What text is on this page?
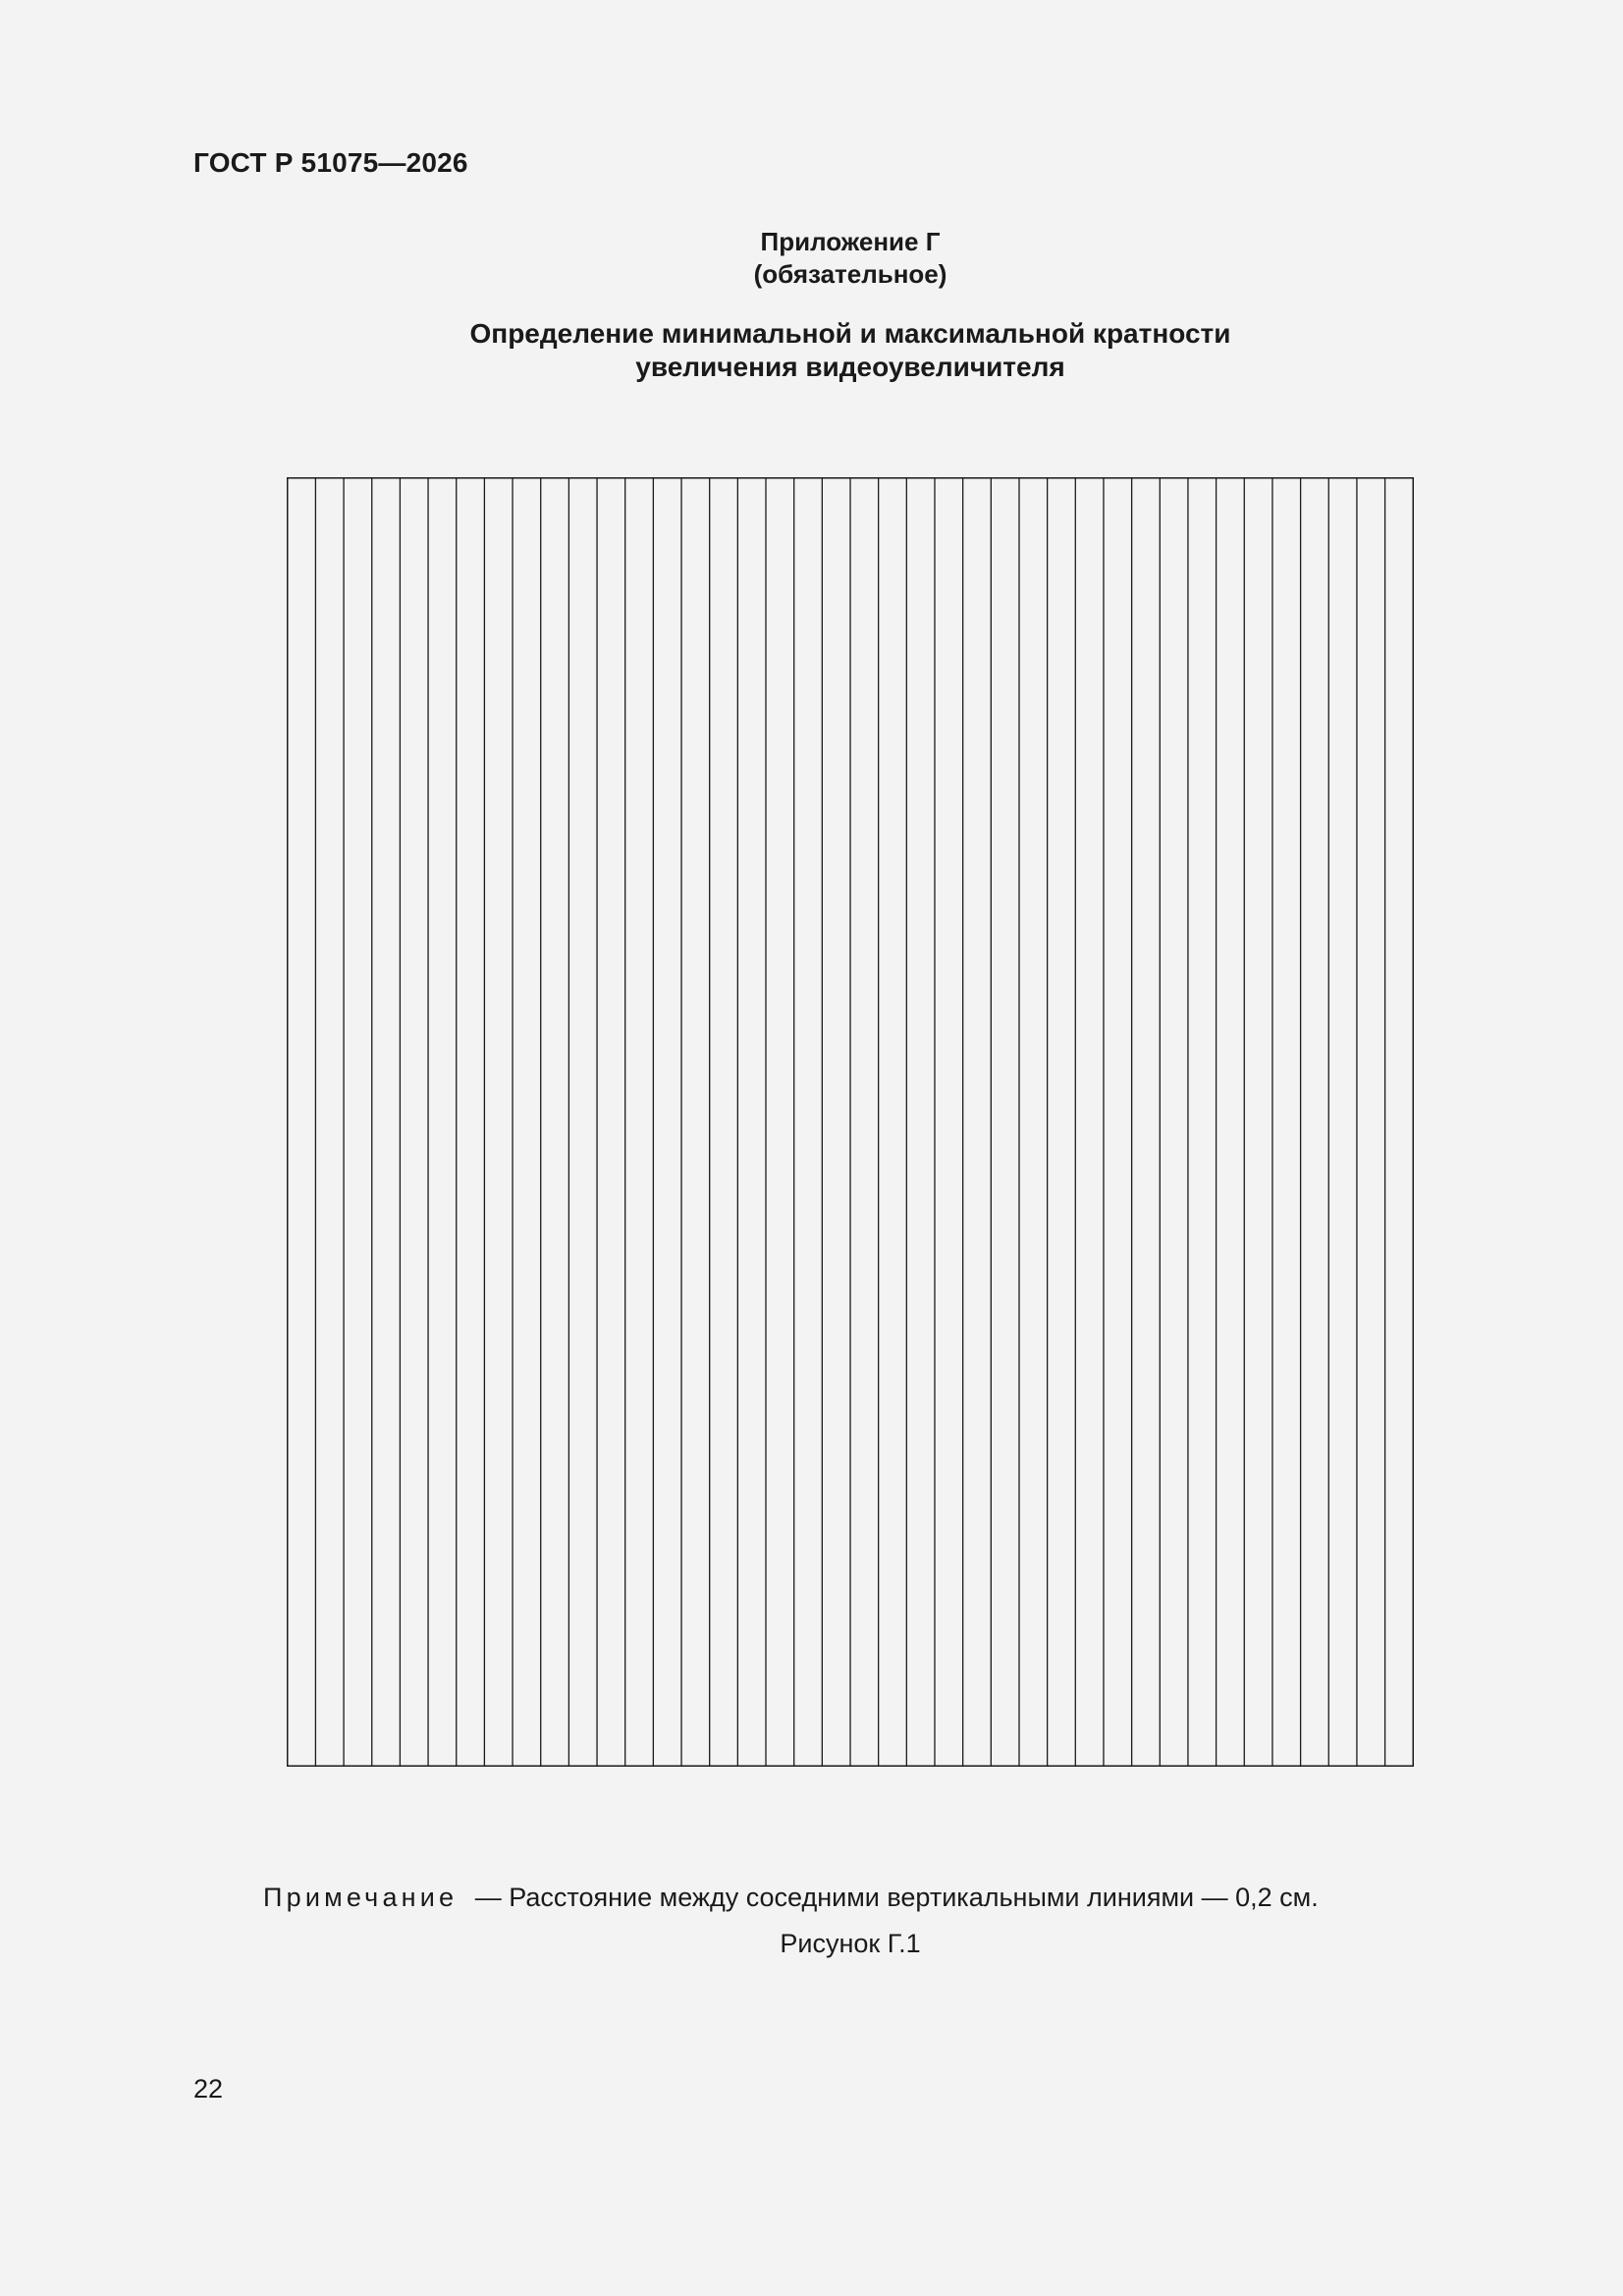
ГОСТ Р 51075—2026
Приложение Г
(обязательное)
Определение минимальной и максимальной кратности
увеличения видеоувеличителя
Примечание — Расстояние между соседними вертикальными линиями — 0,2 см.
Рисунок Г.1
22
